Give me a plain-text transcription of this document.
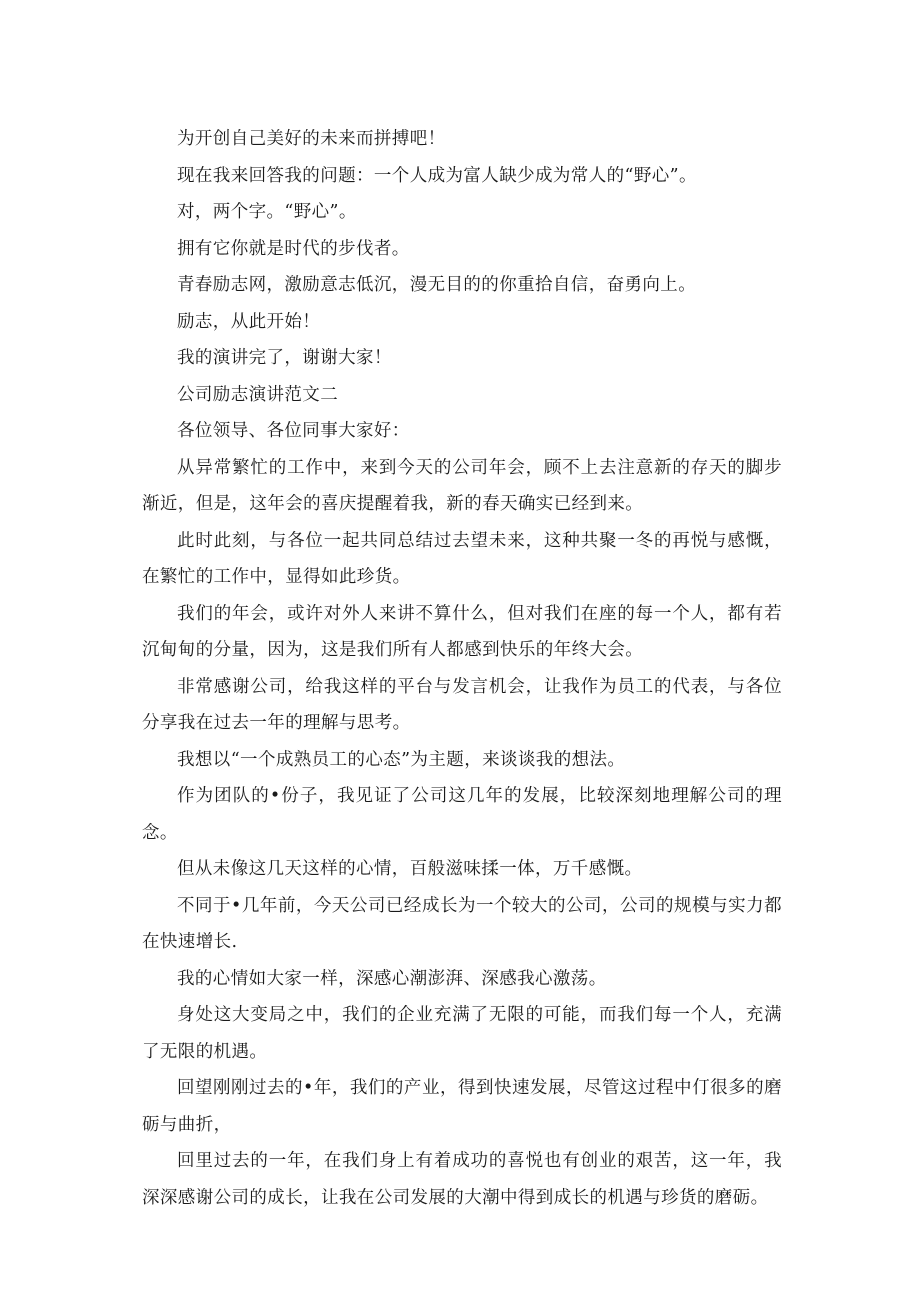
为开创自己美好的未来而拼搏吧！

现在我来回答我的问题：一个人成为富人缺少成为常人的“野心”。

对，两个字。“野心”。

拥有它你就是时代的步伐者。

青春励志网，激励意志低沉，漫无目的的你重拾自信，奋勇向上。

励志，从此开始！

我的演讲完了，谢谢大家！

公司励志演讲范文二

各位领导、各位同事大家好：

从异常繁忙的工作中，来到今天的公司年会，顾不上去注意新的存天的脚步渐近，但是，这年会的喜庆提醒着我，新的春天确实已经到来。

此时此刻，与各位一起共同总结过去望未来，这种共聚一冬的再悦与感慨，在繁忙的工作中，显得如此珍货。

我们的年会，或许对外人来讲不算什么，但对我们在座的每一个人，都有若沉甸甸的分量，因为，这是我们所有人都感到快乐的年终大会。

非常感谢公司，给我这样的平台与发言机会，让我作为员工的代表，与各位分享我在过去一年的理解与思考。

我想以“一个成熟员工的心态”为主题，来谈谈我的想法。

作为团队的•份子，我见证了公司这几年的发展，比较深刻地理解公司的理念。

但从未像这几天这样的心情，百般滋味揉一体，万千感慨。

不同于•几年前，今天公司已经成长为一个较大的公司，公司的规模与实力都在快速增长.

我的心情如大家一样，深感心潮澎湃、深感我心激荡。

身处这大变局之中，我们的企业充满了无限的可能，而我们每一个人，充满了无限的机遇。

回望刚刚过去的•年，我们的产业，得到快速发展，尽管这过程中仃很多的磨砺与曲折，

回里过去的一年，在我们身上有着成功的喜悦也有创业的艰苦，这一年，我深深感谢公司的成长，让我在公司发展的大潮中得到成长的机遇与珍货的磨砺。
